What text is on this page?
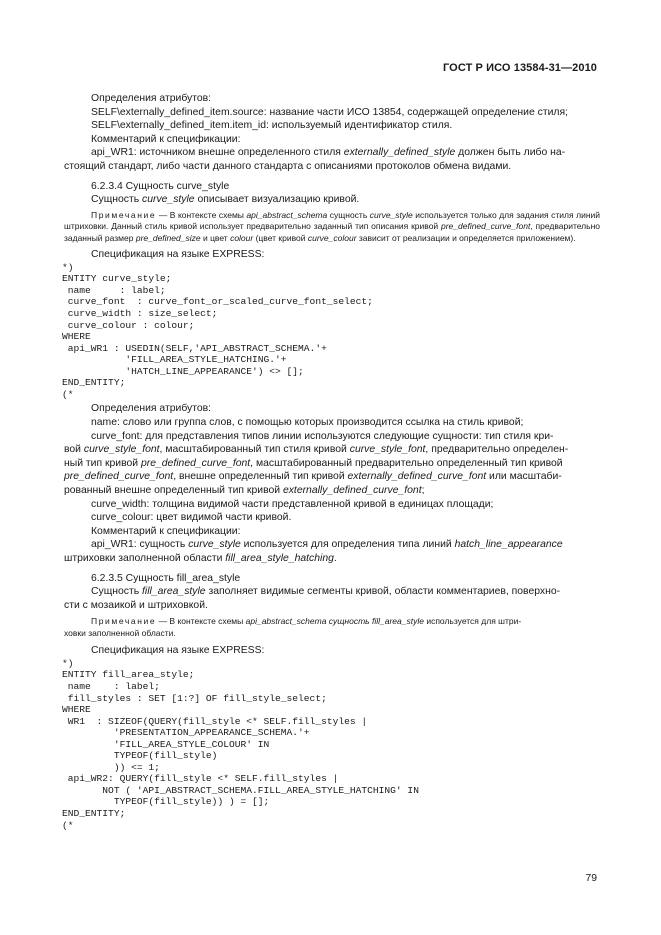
ГОСТ Р ИСО 13584-31—2010

Определения атрибутов:

SELF\externally_defined_item.source: название части ИСО 13854, содержащей определение стиля;

SELF\externally_defined_item.item_id: используемый идентификатор стиля.

Комментарий к спецификации:

api_WR1: источником внешне определенного стиля externally_defined_style должен быть либо на-

стоящий стандарт, либо части данного стандарта с описаниями протоколов обмена видами.

6.2.3.4 Сущность curve_style

Сущность curve_style описывает визуализацию кривой.

Примечание — В контексте схемы api_abstract_schema сущность curve_style используется только для задания стиля линий штриховки. Данный стиль кривой использует предварительно заданный тип описания кривой pre_defined_curve_font, предварительно заданный размер pre_defined_size и цвет colour (цвет кривой curve_colour зависит от реализации и определяется приложением).

Спецификация на языке EXPRESS:

*)
ENTITY curve_style;
name     : label;
curve_font  : curve_font_or_scaled_curve_font_select;
curve_width : size_select;
curve_colour : colour;
WHERE
api_WR1 : USEDIN(SELF,'API_ABSTRACT_SCHEMA.'+
'FILL_AREA_STYLE_HATCHING.'+
'HATCH_LINE_APPEARANCE') <> [];
END_ENTITY;
(*

Определения атрибутов:

name: слово или группа слов, с помощью которых производится ссылка на стиль кривой;

curve_font: для представления типов линии используются следующие сущности: тип стиля кри-

вой curve_style_font, масштабированный тип стиля кривой curve_style_font, предварительно определен-

ный тип кривой pre_defined_curve_font, масштабированный предварительно определенный тип кривой

pre_defined_curve_font, внешне определенный тип кривой externally_defined_curve_font или масштаби-

рованный внешне определенный тип кривой externally_defined_curve_font;

curve_width: толщина видимой части представленной кривой в единицах площади;

curve_colour: цвет видимой части кривой.

Комментарий к спецификации:

api_WR1: сущность curve_style используется для определения типа линий hatch_line_appearance

штриховки заполненной области fill_area_style_hatching.

6.2.3.5 Сущность fill_area_style

Сущность fill_area_style заполняет видимые сегменты кривой, области комментариев, поверхно-

сти с мозаикой и штриховкой.

Примечание — В контексте схемы api_abstract_schema сущность fill_area_style используется для штри-

ховки заполненной области.

Спецификация на языке EXPRESS:

*)
ENTITY fill_area_style;
name    : label;
fill_styles : SET [1:?] OF fill_style_select;
WHERE
WR1  : SIZEOF(QUERY(fill_style <* SELF.fill_styles |
'PRESENTATION_APPEARANCE_SCHEMA.'+
'FILL_AREA_STYLE_COLOUR' IN
TYPEOF(fill_style)
)) <= 1;
api_WR2: QUERY(fill_style <* SELF.fill_styles |
NOT ( 'API_ABSTRACT_SCHEMA.FILL_AREA_STYLE_HATCHING' IN
TYPEOF(fill_style)) ) = [];
END_ENTITY;
(*
79
